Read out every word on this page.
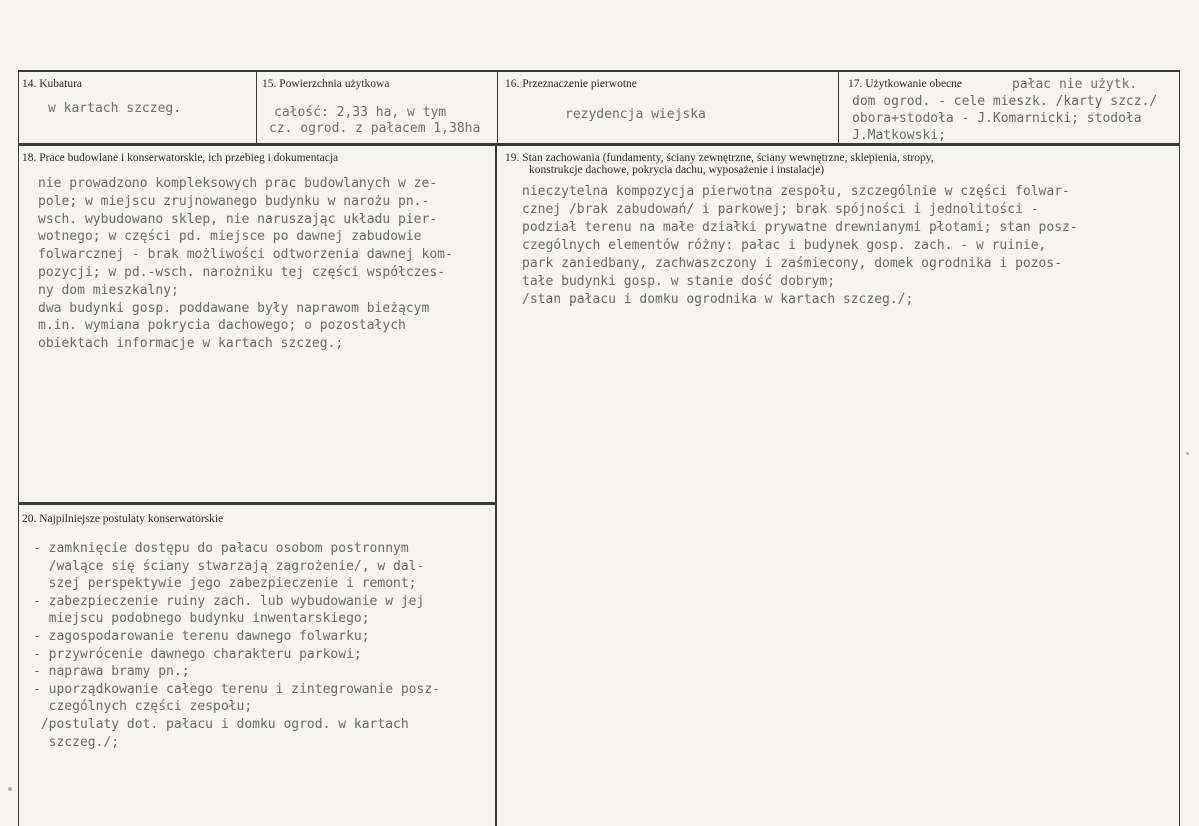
14. Kubatura
w kartach szczeg.
15. Powierzchnia użytkowa
całość: 2,33 ha, w tym
cz. ogrod. z pałacem 1,38ha
16. Przeznaczenie pierwotne
rezydencja wiejska
17. Użytkowanie obecne	pałac nie użytk.
dom ogrod. - cele mieszk. /karty szcz./
obora+stodoła - J.Komarnicki; stodoła
J.Matkowski;
18. Prace budowlane i konserwatorskie, ich przebieg i dokumentacja
nie prowadzono kompleksowych prac budowlanych w ze-
pole; w miejscu zrujnowanego budynku w narożu pn.-
wsch. wybudowano sklep, nie naruszając układu pier-
wotnego; w części pd. miejsce po dawnej zabudowie
folwarcznej - brak możliwości odtworzenia dawnej kom-
pozycji; w pd.-wsch. narożniku tej części współczes-
ny dom mieszkalny;
dwa budynki gosp. poddawane były naprawom bieżącym
m.in. wymiana pokrycia dachowego; o pozostałych
obiektach informacje w kartach szczeg.;
19. Stan zachowania (fundamenty, ściany zewnętrzne, ściany wewnętrzne, sklepienia, stropy,
konstrukcje dachowe, pokrycia dachu, wyposażenie i instalacje)
nieczytelna kompozycja pierwotna zespołu, szczególnie w części folwar-
cznej /brak zabudowań/ i parkowej; brak spójności i jednolitości -
podział terenu na małe działki prywatne drewnianymi płotami; stan posz-
czególnych elementów różny: pałac i budynek gosp. zach. - w ruinie,
park zaniedbany, zachwaszczony i zaśmiecony, domek ogrodnika i pozos-
tałe budynki gosp. w stanie dość dobrym;
/stan pałacu i domku ogrodnika w kartach szczeg./;
20. Najpilniejsze postulaty konserwatorskie
- zamknięcie dostępu do pałacu osobom postronnym
/walące się ściany stwarzają zagrożenie/, w dal-
szej perspektywie jego zabezpieczenie i remont;
- zabezpieczenie ruiny zach. lub wybudowanie w jej
miejscu podobnego budynku inwentarskiego;
- zagospodarowanie terenu dawnego folwarku;
- przywrócenie dawnego charakteru parkowi;
- naprawa bramy pn.;
- uporządkowanie całego terenu i zintegrowanie posz-
czególnych części zespołu;
/postulaty dot. pałacu i domku ogrod. w kartach
szczeg./;
